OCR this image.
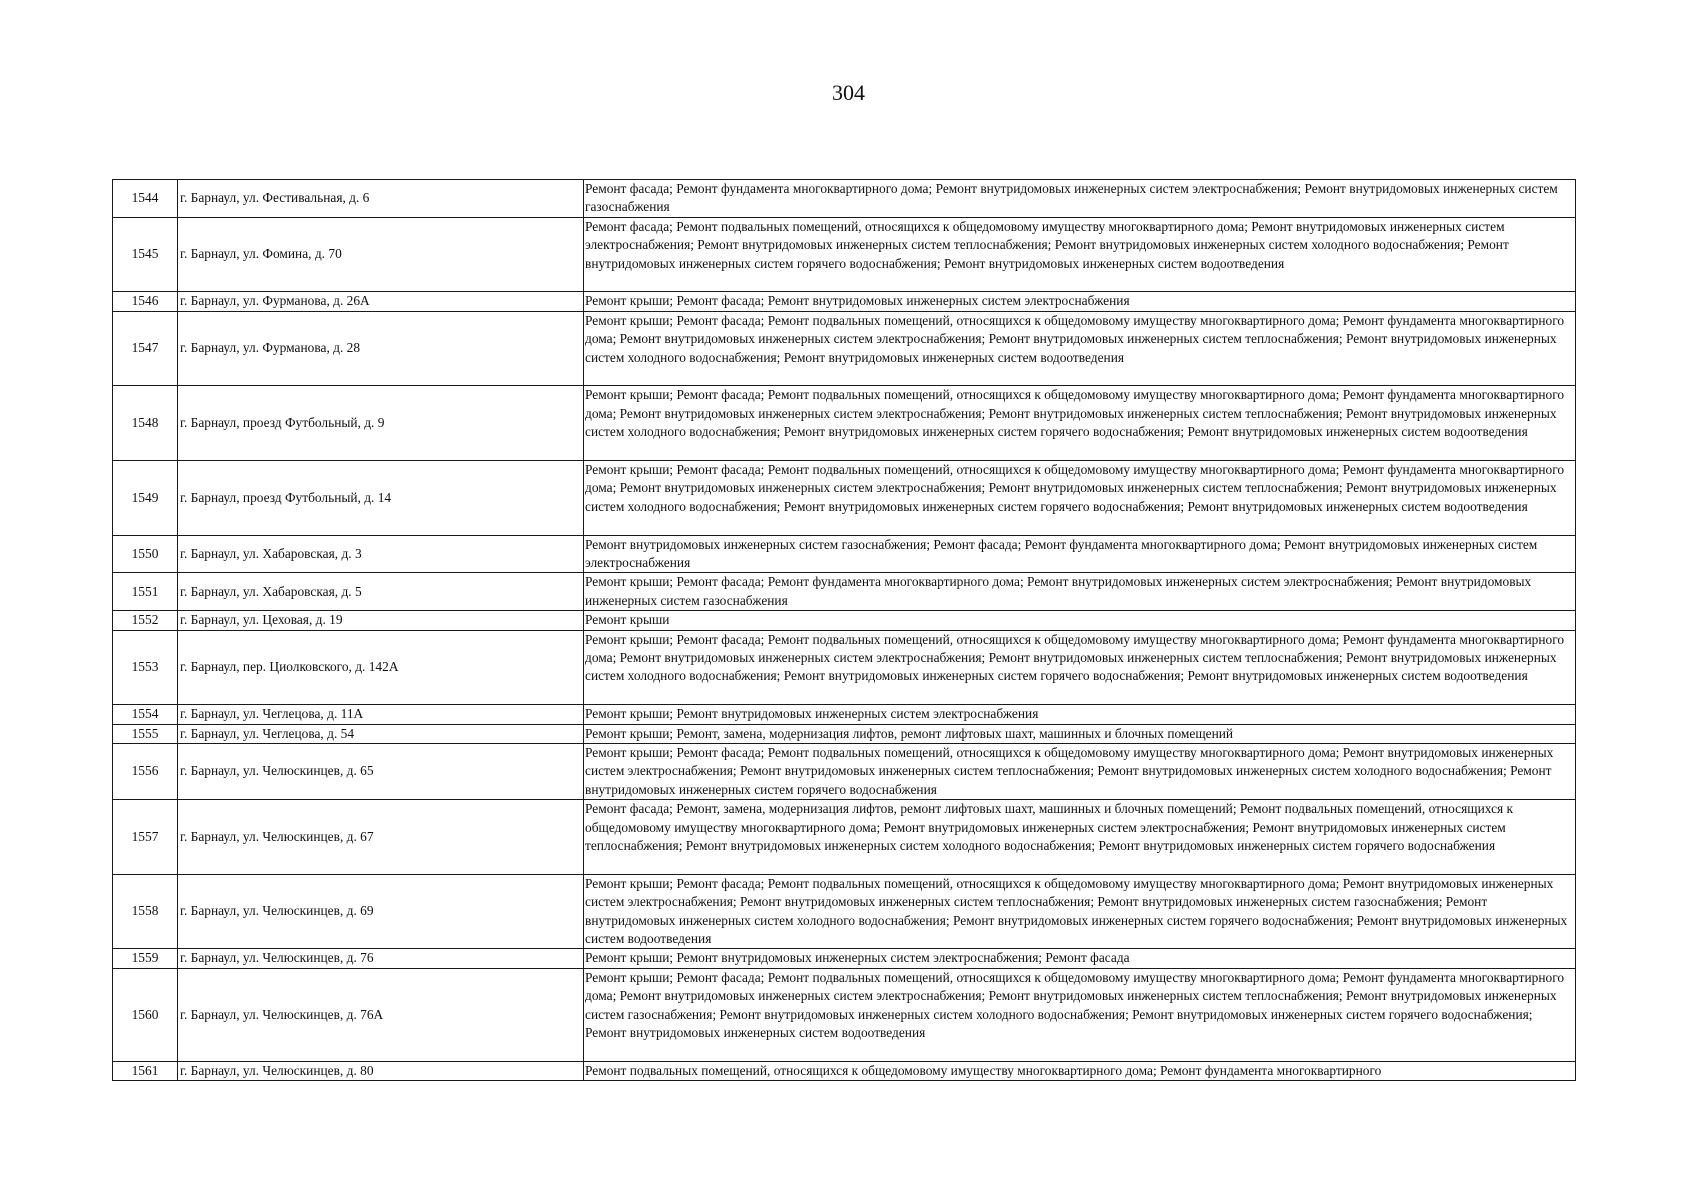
304
1544	г. Барнаул, ул. Фестивальная, д. 6	Ремонт фасада; Ремонт фундамента многоквартирного дома; Ремонт внутридомовых инженерных систем электроснабжения; Ремонт внутридомовых инженерных систем газоснабжения
1545	г. Барнаул, ул. Фомина, д. 70	Ремонт фасада; Ремонт подвальных помещений, относящихся к общедомовому имуществу многоквартирного дома; Ремонт внутридомовых инженерных систем электроснабжения; Ремонт внутридомовых инженерных систем теплоснабжения; Ремонт внутридомовых инженерных систем холодного водоснабжения; Ремонт внутридомовых инженерных систем горячего водоснабжения; Ремонт внутридомовых инженерных систем водоотведения
1546	г. Барнаул, ул. Фурманова, д. 26А	Ремонт крыши; Ремонт фасада; Ремонт внутридомовых инженерных систем электроснабжения
1547	г. Барнаул, ул. Фурманова, д. 28	Ремонт крыши; Ремонт фасада; Ремонт подвальных помещений, относящихся к общедомовому имуществу многоквартирного дома; Ремонт фундамента многоквартирного дома; Ремонт внутридомовых инженерных систем электроснабжения; Ремонт внутридомовых инженерных систем теплоснабжения; Ремонт внутридомовых инженерных систем холодного водоснабжения; Ремонт внутридомовых инженерных систем водоотведения
1548	г. Барнаул, проезд Футбольный, д. 9	Ремонт крыши; Ремонт фасада; Ремонт подвальных помещений, относящихся к общедомовому имуществу многоквартирного дома; Ремонт фундамента многоквартирного дома; Ремонт внутридомовых инженерных систем электроснабжения; Ремонт внутридомовых инженерных систем теплоснабжения; Ремонт внутридомовых инженерных систем холодного водоснабжения; Ремонт внутридомовых инженерных систем горячего водоснабжения; Ремонт внутридомовых инженерных систем водоотведения
1549	г. Барнаул, проезд Футбольный, д. 14	Ремонт крыши; Ремонт фасада; Ремонт подвальных помещений, относящихся к общедомовому имуществу многоквартирного дома; Ремонт фундамента многоквартирного дома; Ремонт внутридомовых инженерных систем электроснабжения; Ремонт внутридомовых инженерных систем теплоснабжения; Ремонт внутридомовых инженерных систем холодного водоснабжения; Ремонт внутридомовых инженерных систем горячего водоснабжения; Ремонт внутридомовых инженерных систем водоотведения
1550	г. Барнаул, ул. Хабаровская, д. 3	Ремонт внутридомовых инженерных систем газоснабжения; Ремонт фасада; Ремонт фундамента многоквартирного дома; Ремонт внутридомовых инженерных систем электроснабжения
1551	г. Барнаул, ул. Хабаровская, д. 5	Ремонт крыши; Ремонт фасада; Ремонт фундамента многоквартирного дома; Ремонт внутридомовых инженерных систем электроснабжения; Ремонт внутридомовых инженерных систем газоснабжения
1552	г. Барнаул, ул. Цеховая, д. 19	Ремонт крыши
1553	г. Барнаул, пер. Циолковского, д. 142А	Ремонт крыши; Ремонт фасада; Ремонт подвальных помещений, относящихся к общедомовому имуществу многоквартирного дома; Ремонт фундамента многоквартирного дома; Ремонт внутридомовых инженерных систем электроснабжения; Ремонт внутридомовых инженерных систем теплоснабжения; Ремонт внутридомовых инженерных систем холодного водоснабжения; Ремонт внутридомовых инженерных систем горячего водоснабжения; Ремонт внутридомовых инженерных систем водоотведения
1554	г. Барнаул, ул. Чеглецова, д. 11А	Ремонт крыши; Ремонт внутридомовых инженерных систем электроснабжения
1555	г. Барнаул, ул. Чеглецова, д. 54	Ремонт крыши; Ремонт, замена, модернизация лифтов, ремонт лифтовых шахт, машинных и блочных помещений
1556	г. Барнаул, ул. Челюскинцев, д. 65	Ремонт крыши; Ремонт фасада; Ремонт подвальных помещений, относящихся к общедомовому имуществу многоквартирного дома; Ремонт внутридомовых инженерных систем электроснабжения; Ремонт внутридомовых инженерных систем теплоснабжения; Ремонт внутридомовых инженерных систем холодного водоснабжения; Ремонт внутридомовых инженерных систем горячего водоснабжения
1557	г. Барнаул, ул. Челюскинцев, д. 67	Ремонт фасада; Ремонт, замена, модернизация лифтов, ремонт лифтовых шахт, машинных и блочных помещений; Ремонт подвальных помещений, относящихся к общедомовому имуществу многоквартирного дома; Ремонт внутридомовых инженерных систем электроснабжения; Ремонт внутридомовых инженерных систем теплоснабжения; Ремонт внутридомовых инженерных систем холодного водоснабжения; Ремонт внутридомовых инженерных систем горячего водоснабжения
1558	г. Барнаул, ул. Челюскинцев, д. 69	Ремонт крыши; Ремонт фасада; Ремонт подвальных помещений, относящихся к общедомовому имуществу многоквартирного дома; Ремонт внутридомовых инженерных систем электроснабжения; Ремонт внутридомовых инженерных систем теплоснабжения; Ремонт внутридомовых инженерных систем газоснабжения; Ремонт внутридомовых инженерных систем холодного водоснабжения; Ремонт внутридомовых инженерных систем горячего водоснабжения; Ремонт внутридомовых инженерных систем водоотведения
1559	г. Барнаул, ул. Челюскинцев, д. 76	Ремонт крыши; Ремонт внутридомовых инженерных систем электроснабжения; Ремонт фасада
1560	г. Барнаул, ул. Челюскинцев, д. 76А	Ремонт крыши; Ремонт фасада; Ремонт подвальных помещений, относящихся к общедомовому имуществу многоквартирного дома; Ремонт фундамента многоквартирного дома; Ремонт внутридомовых инженерных систем электроснабжения; Ремонт внутридомовых инженерных систем теплоснабжения; Ремонт внутридомовых инженерных систем газоснабжения; Ремонт внутридомовых инженерных систем холодного водоснабжения; Ремонт внутридомовых инженерных систем горячего водоснабжения; Ремонт внутридомовых инженерных систем водоотведения
1561	г. Барнаул, ул. Челюскинцев, д. 80	Ремонт подвальных помещений, относящихся к общедомовому имуществу многоквартирного дома; Ремонт фундамента многоквартирного
